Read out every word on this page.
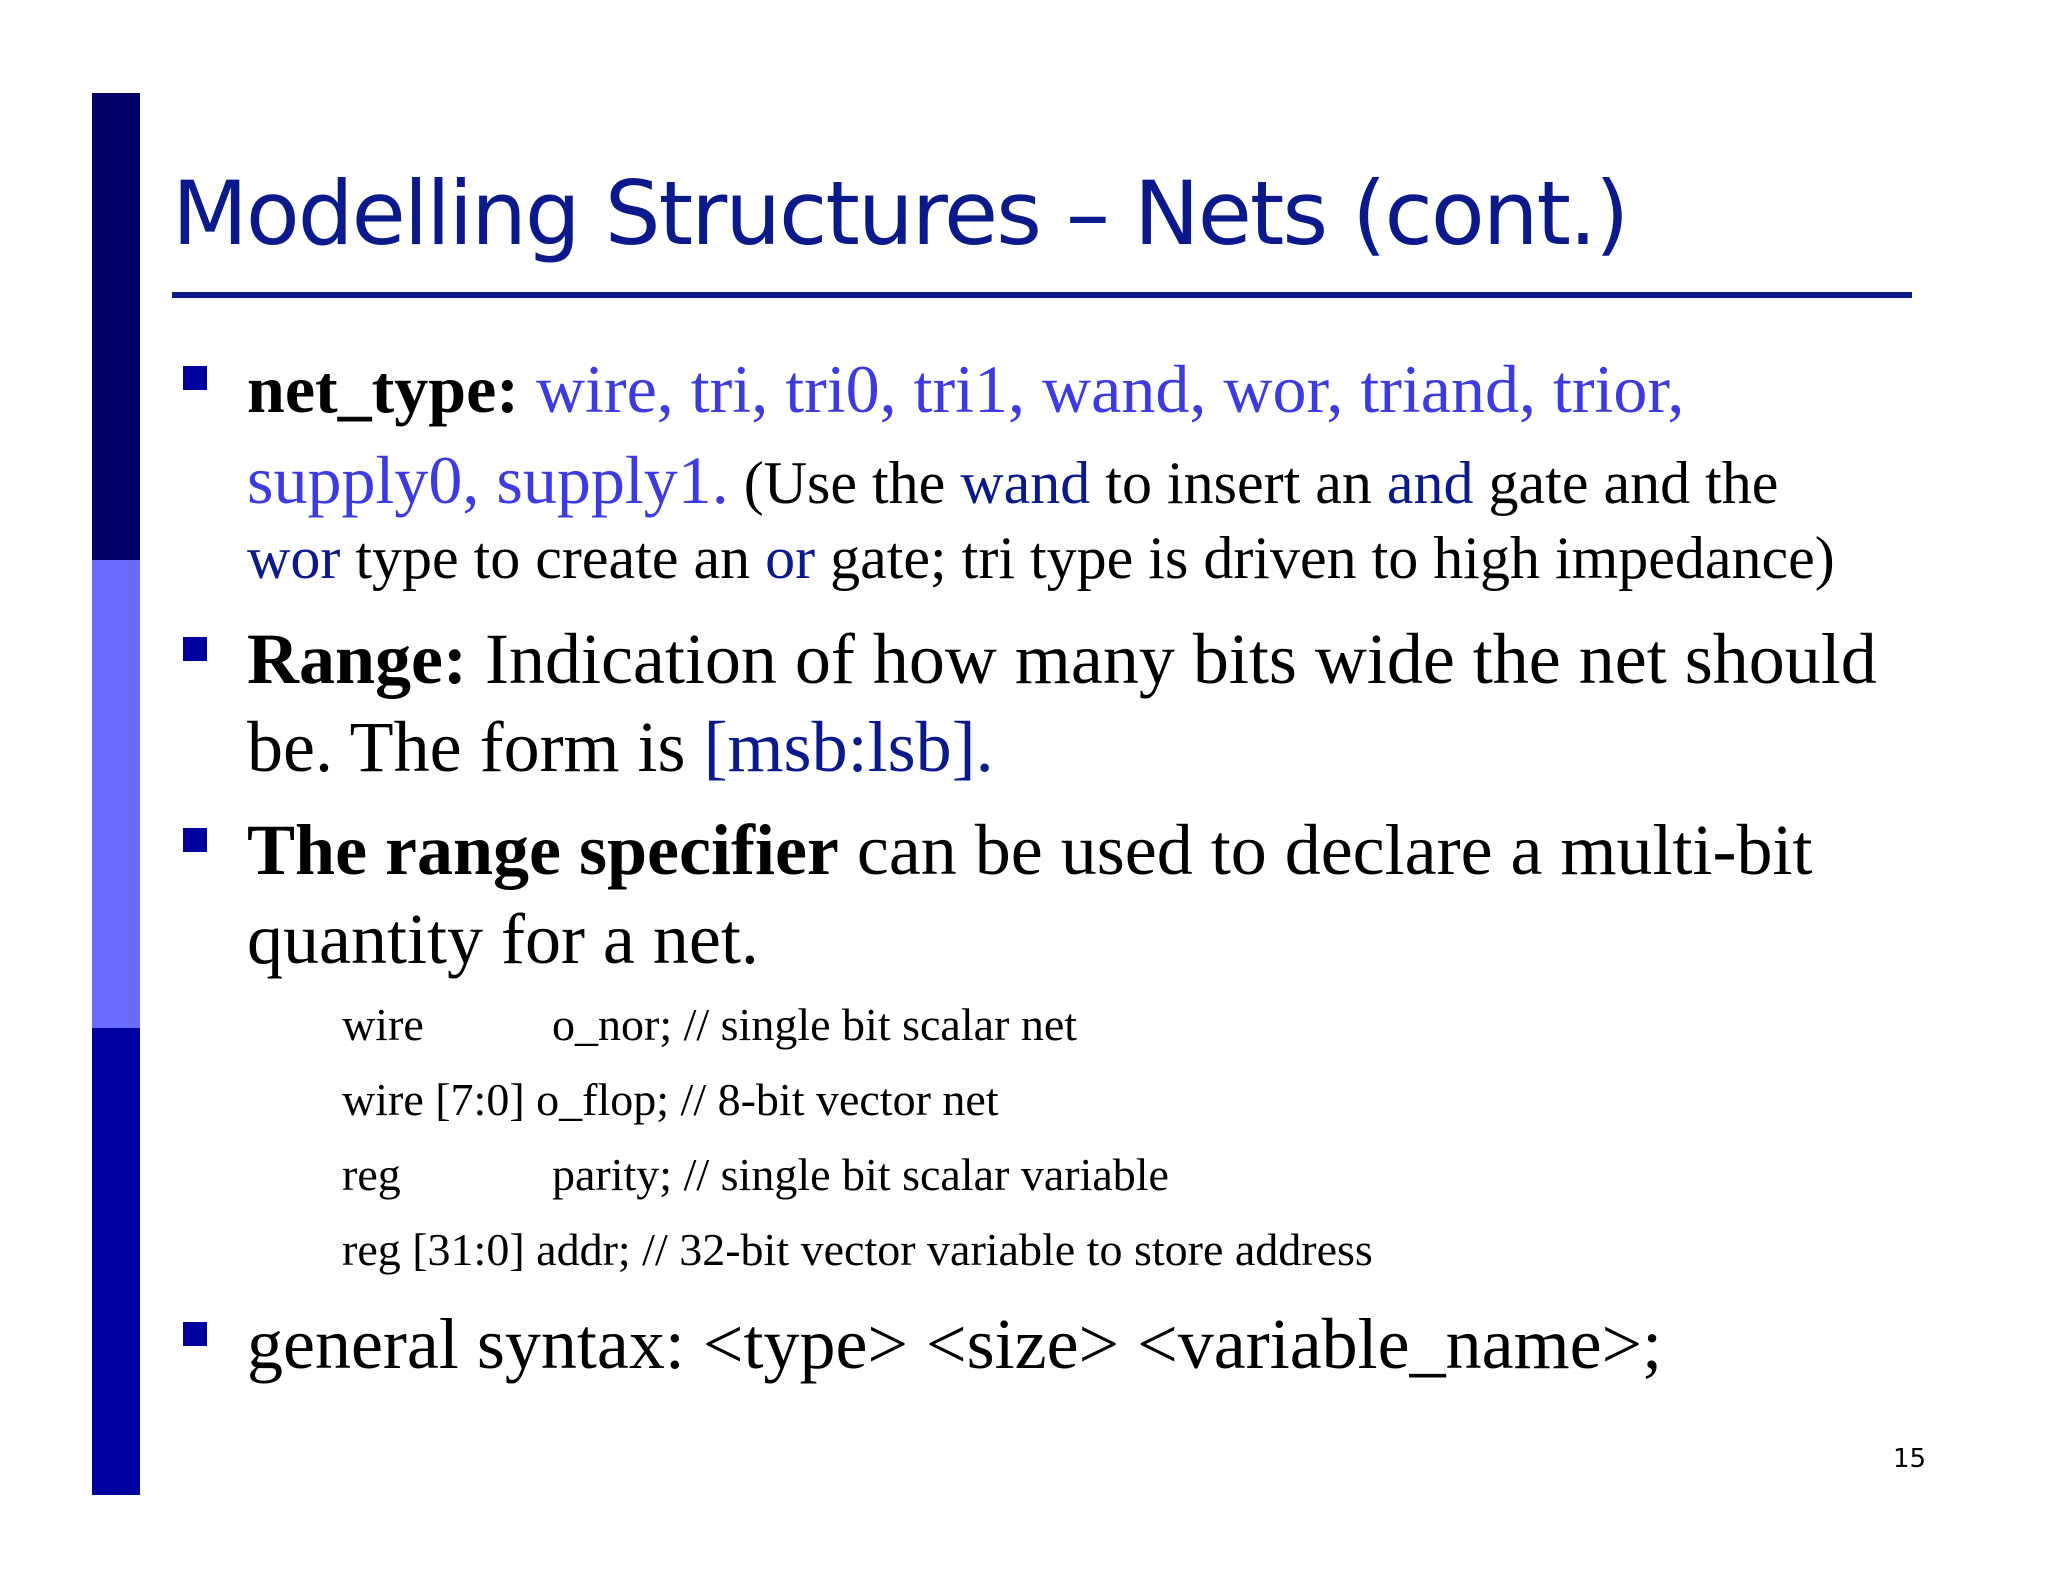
Modelling Structures – Nets (cont.)
net_type: wire, tri, tri0, tri1, wand, wor, triand, trior,
supply0, supply1. (Use the wand to insert an and gate and the
wor type to create an or gate; tri type is driven to high impedance)
Range: Indication of how many bits wide the net should
be. The form is [msb:lsb].
The range specifier can be used to declare a multi-bit
quantity for a net.
wire	o_nor; // single bit scalar net
wire [7:0] o_flop; // 8-bit vector net
reg	parity; // single bit scalar variable
reg [31:0] addr; // 32-bit vector variable to store address
general syntax: <type> <size> <variable_name>;
15
